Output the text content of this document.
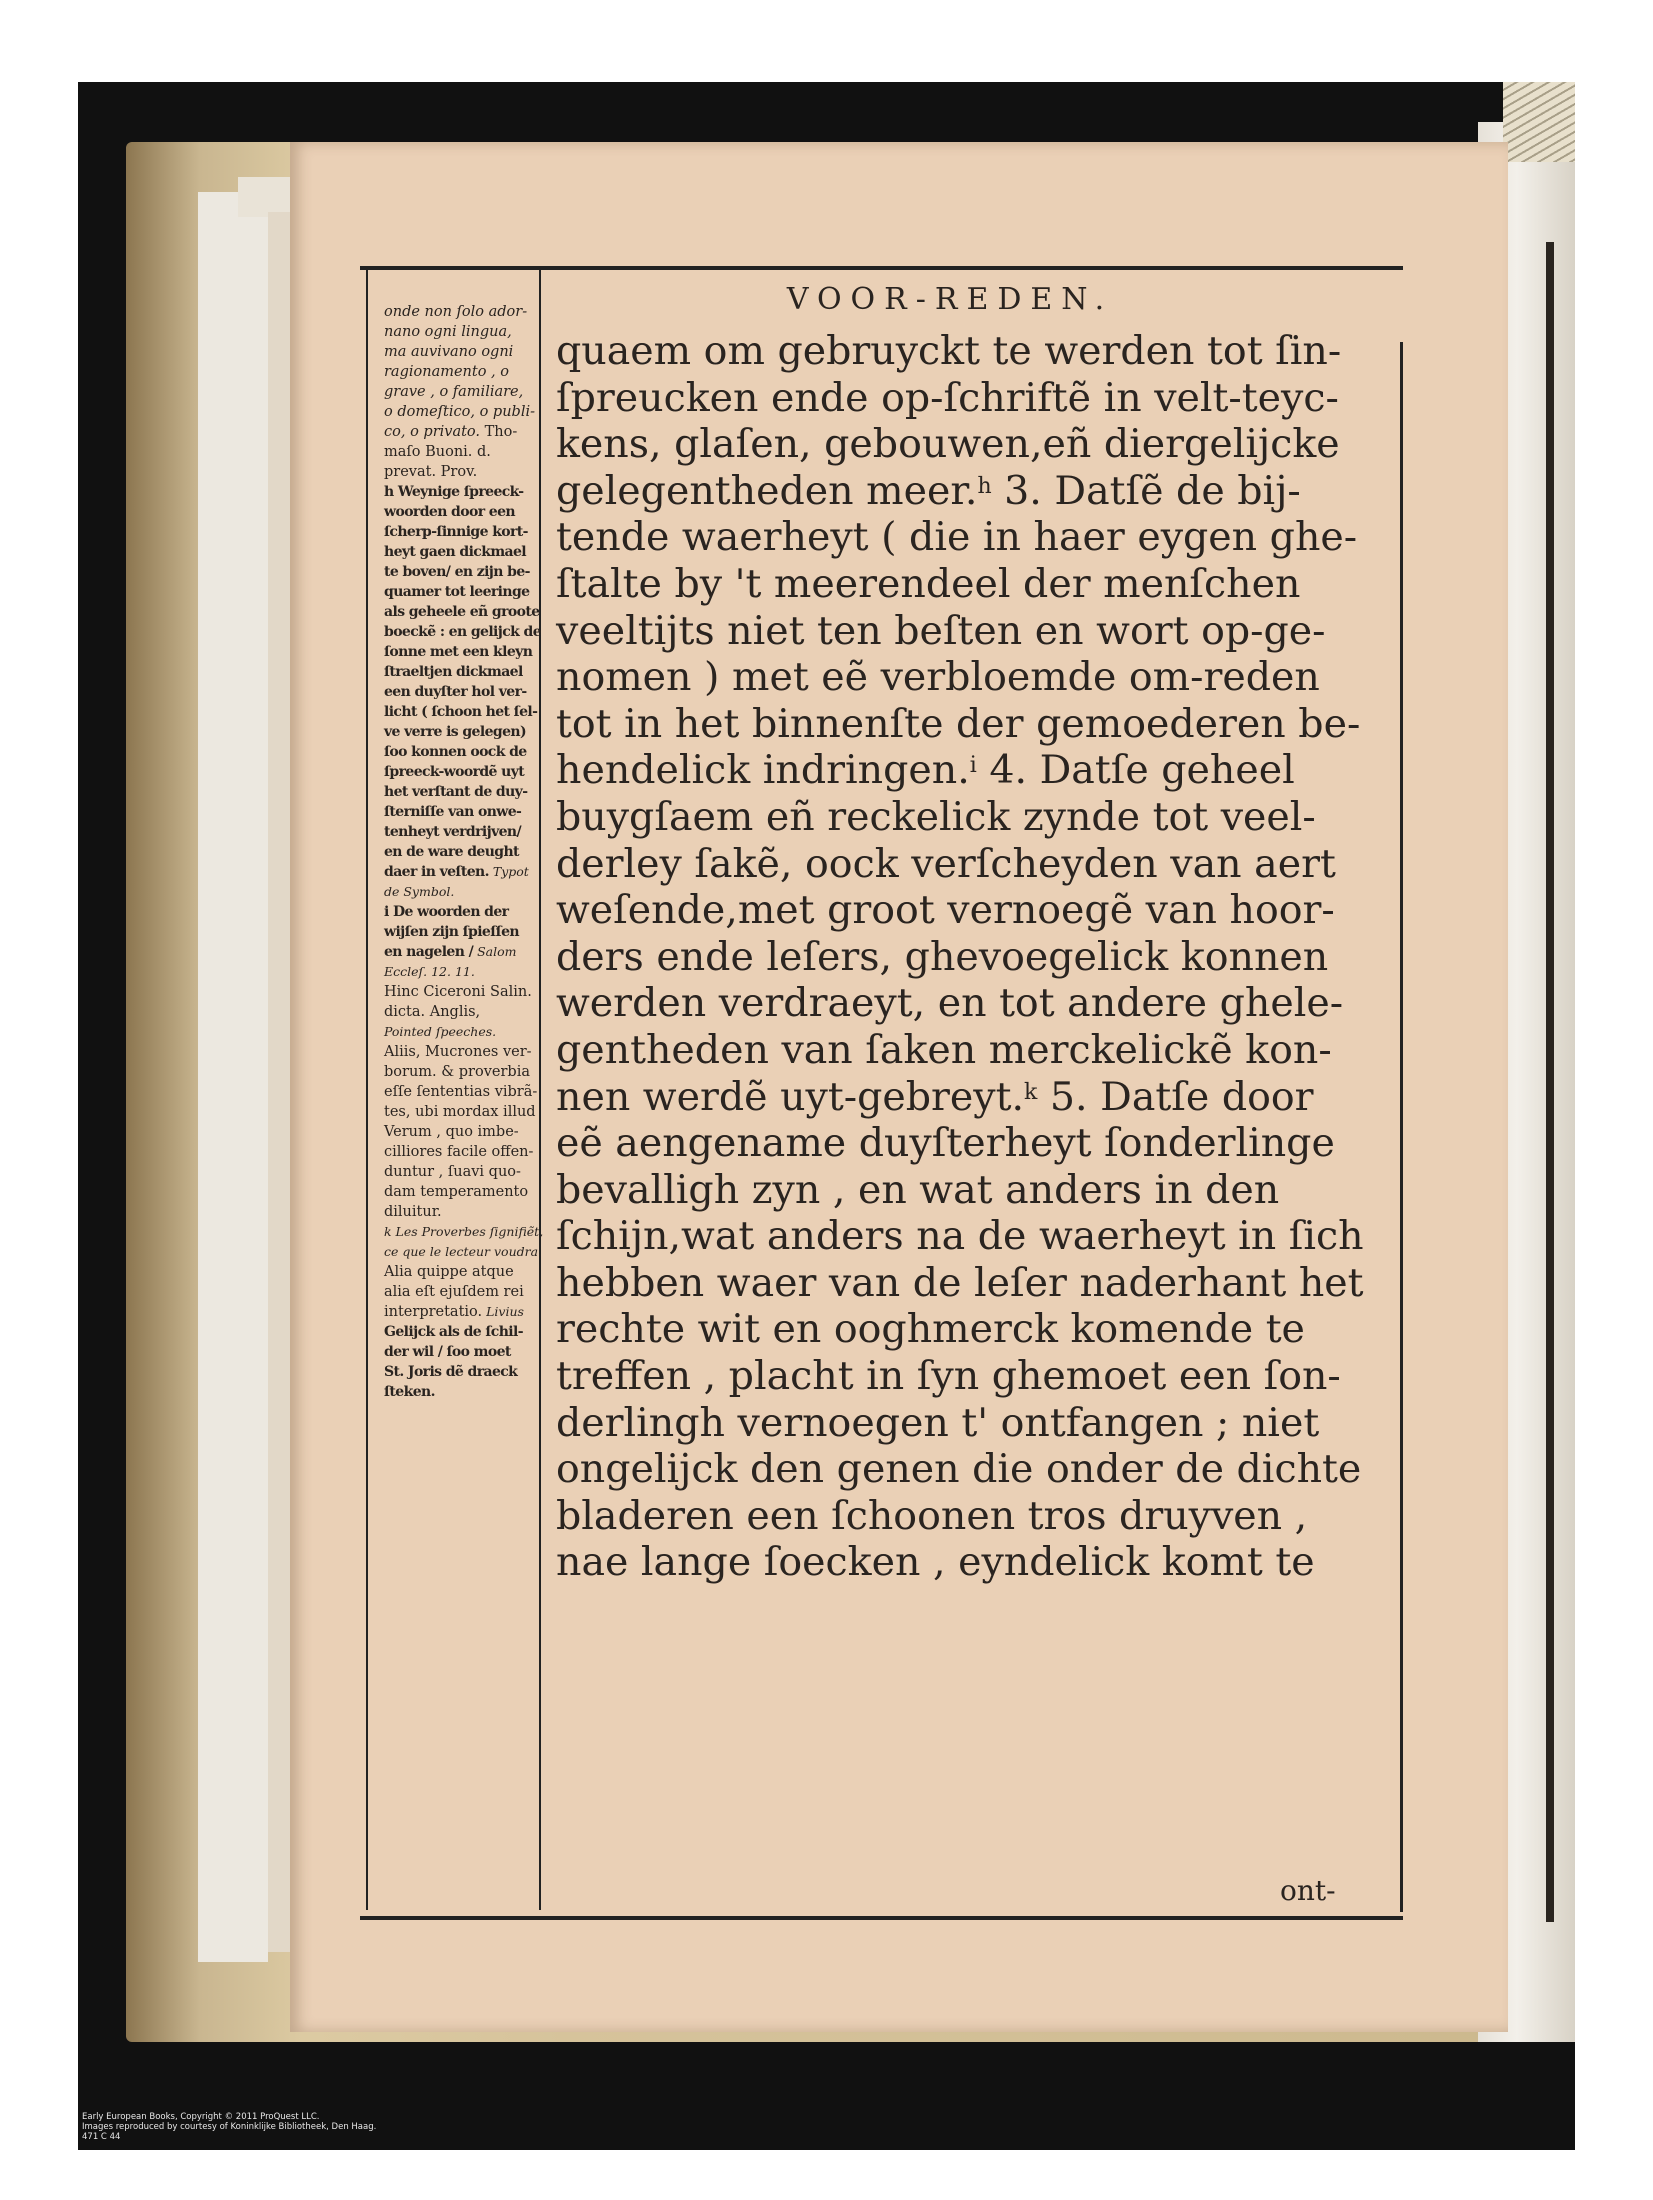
VOOR-REDEN.
onde non ſolo ador-
nano ogni lingua,
ma auvivano ogni
ragionamento , o
grave , o familiare,
o domeſtico, o publi-
co, o privato. Tho-
maſo Buoni. d.
prevat. Prov.
h Weynige ſpreeck-
woorden door een
ſcherp-ſinnige kort-
heyt gaen dickmael
te boven/ en zijn be-
quamer tot leeringe
als geheele eñ groote
boeckẽ : en gelijck de
ſonne met een kleyn
ſtraeltjen dickmael
een duyſter hol ver-
licht ( ſchoon het ſel-
ve verre is gelegen)
ſoo konnen oock de
ſpreeck-woordẽ uyt
het verſtant de duy-
ſterniſſe van onwe-
tenheyt verdrijven/
en de ware deught
daer in veſten. Typot
de Symbol.
i De woorden der
wijſen zijn ſpieſſen
en nagelen / Salom
Eccleſ. 12. 11.
Hinc Ciceroni Salin.
dicta. Anglis,
Pointed ſpeeches.
Aliis, Mucrones ver-
borum. & proverbia
eſſe ſententias vibrã-
tes, ubi mordax illud
Verum , quo imbe-
cilliores facile offen-
duntur , ſuavi quo-
dam temperamento
diluitur.
k Les Proverbes ſignifiẽt,
ce que le lecteur voudra.
Alia quippe atque
alia eſt ejuſdem rei
interpretatio. Livius
Gelijck als de ſchil-
der wil / ſoo moet
St. Joris dẽ draeck
ſteken.
quaem om gebruyckt te werden tot ſin-
ſpreucken ende op-ſchriftẽ in velt-teyc-
kens, glaſen, gebouwen,eñ diergelijcke
gelegentheden meer.$^h$ 3. Datſẽ de bij-
tende waerheyt ( die in haer eygen ghe-
ſtalte by 't meerendeel der menſchen
veeltijts niet ten beſten en wort op-ge-
nomen ) met eẽ verbloemde om-reden
tot in het binnenſte der gemoederen be-
hendelick indringen.$^i$ 4. Datſe geheel
buygſaem eñ reckelick zynde tot veel-
derley ſakẽ, oock verſcheyden van aert
weſende,met groot vernoegẽ van hoor-
ders ende leſers, ghevoegelick konnen
werden verdraeyt, en tot andere ghele-
gentheden van ſaken merckelickẽ kon-
nen werdẽ uyt-gebreyt.$^k$ 5. Datſe door
eẽ aengename duyſterheyt ſonderlinge
bevalligh zyn , en wat anders in den
ſchijn,wat anders na de waerheyt in ſich
hebben waer van de leſer naderhant het
rechte wit en ooghmerck komende te
treffen , placht in ſyn ghemoet een ſon-
derlingh vernoegen t' ontfangen ; niet
ongelijck den genen die onder de dichte
bladeren een ſchoonen tros druyven ,
nae lange ſoecken , eyndelick komt te
ont-
Early European Books, Copyright © 2011 ProQuest LLC.
Images reproduced by courtesy of Koninklijke Bibliotheek, Den Haag.
471 C 44
